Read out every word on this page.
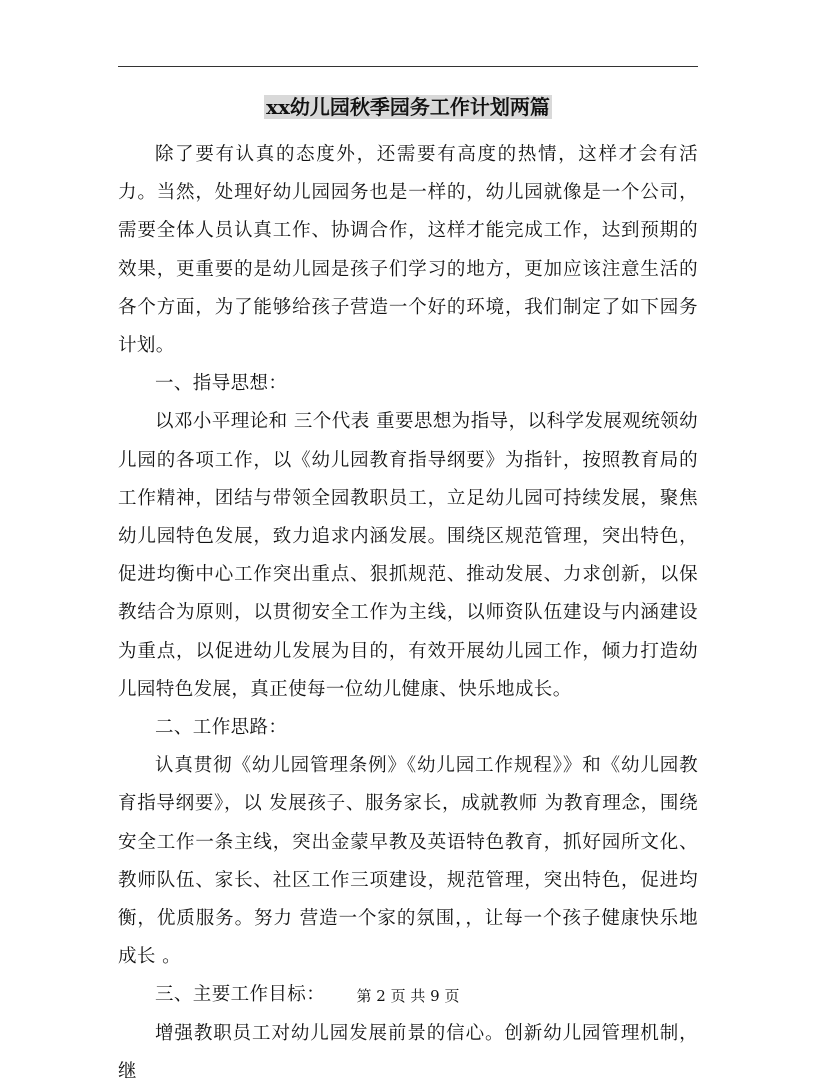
xx幼儿园秋季园务工作计划两篇

除了要有认真的态度外，还需要有高度的热情，这样才会有活力。当然，处理好幼儿园园务也是一样的，幼儿园就像是一个公司，需要全体人员认真工作、协调合作，这样才能完成工作，达到预期的效果，更重要的是幼儿园是孩子们学习的地方，更加应该注意生活的各个方面，为了能够给孩子营造一个好的环境，我们制定了如下园务计划。

一、指导思想：

以邓小平理论和 三个代表 重要思想为指导，以科学发展观统领幼儿园的各项工作，以《幼儿园教育指导纲要》为指针，按照教育局的工作精神，团结与带领全园教职员工，立足幼儿园可持续发展，聚焦幼儿园特色发展，致力追求内涵发展。围绕区规范管理，突出特色，促进均衡中心工作突出重点、狠抓规范、推动发展、力求创新，以保教结合为原则，以贯彻安全工作为主线，以师资队伍建设与内涵建设为重点，以促进幼儿发展为目的，有效开展幼儿园工作，倾力打造幼儿园特色发展，真正使每一位幼儿健康、快乐地成长。

二、工作思路：

认真贯彻《幼儿园管理条例》《幼儿园工作规程》》和《幼儿园教育指导纲要》，以 发展孩子、服务家长，成就教师 为教育理念，围绕安全工作一条主线，突出金蒙早教及英语特色教育，抓好园所文化、教师队伍、家长、社区工作三项建设，规范管理，突出特色，促进均衡，优质服务。努力 营造一个家的氛围，，让每一个孩子健康快乐地成长 。

三、主要工作目标：

增强教职员工对幼儿园发展前景的信心。创新幼儿园管理机制，继

第 2 页 共 9 页
